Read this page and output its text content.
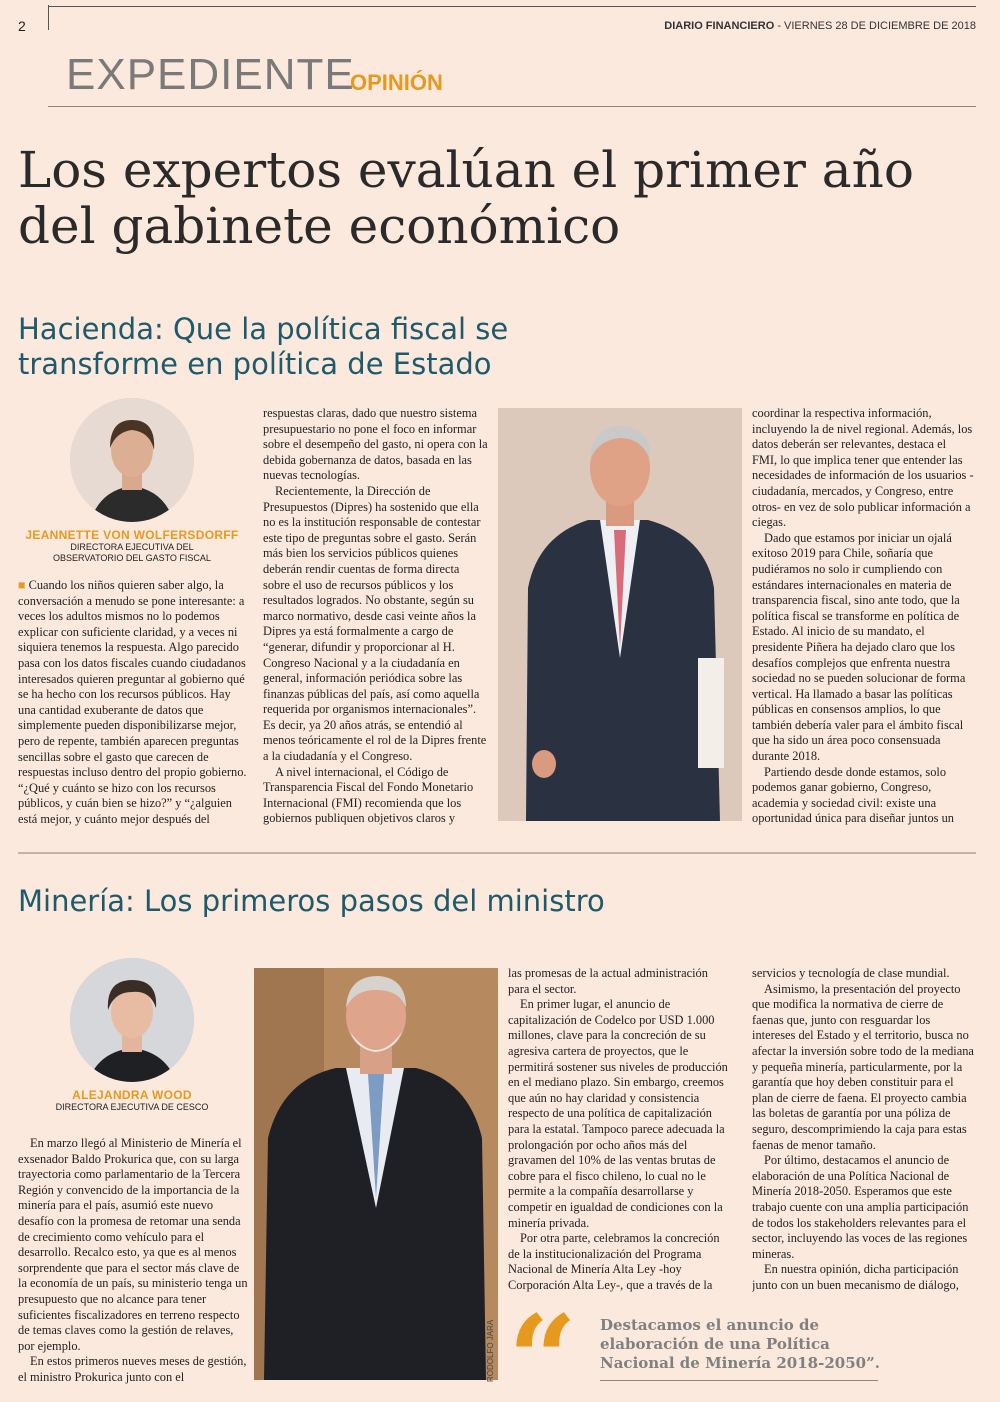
2	DIARIO FINANCIERO - VIERNES 28 DE DICIEMBRE DE 2018
EXPEDIENTE
OPINIÓN
Los expertos evalúan el primer año del gabinete económico
Hacienda: Que la política fiscal se transforme en política de Estado
JEANNETTE VON WOLFERSDORFF
DIRECTORA EJECUTIVA DEL
OBSERVATORIO DEL GASTO FISCAL

■ Cuando los niños quieren saber algo, la conversación a menudo se pone interesante: a veces los adultos mismos no lo podemos explicar con suficiente claridad, y a veces ni siquiera tenemos la respuesta. Algo parecido pasa con los datos fiscales cuando ciudadanos interesados quieren preguntar al gobierno qué se ha hecho con los recursos públicos. Hay una cantidad exuberante de datos que simplemente pueden disponibilizarse mejor, pero de repente, también aparecen preguntas sencillas sobre el gasto que carecen de respuestas incluso dentro del propio gobierno. “¿Qué y cuánto se hizo con los recursos públicos, y cuán bien se hizo?” y “¿alguien está mejor, y cuánto mejor después del

respuestas claras, dado que nuestro sistema presupuestario no pone el foco en informar sobre el desempeño del gasto, ni opera con la debida gobernanza de datos, basada en las nuevas tecnologías.

Recientemente, la Dirección de Presupuestos (Dipres) ha sostenido que ella no es la institución responsable de contestar este tipo de preguntas sobre el gasto. Serán más bien los servicios públicos quienes deberán rendir cuentas de forma directa sobre el uso de recursos públicos y los resultados logrados. No obstante, según su marco normativo, desde casi veinte años la Dipres ya está formalmente a cargo de “generar, difundir y proporcionar al H. Congreso Nacional y a la ciudadanía en general, información periódica sobre las finanzas públicas del país, así como aquella requerida por organismos internacionales”. Es decir, ya 20 años atrás, se entendió al menos teóricamente el rol de la Dipres frente a la ciudadanía y el Congreso.

A nivel internacional, el Código de Transparencia Fiscal del Fondo Monetario Internacional (FMI) recomienda que los gobiernos publiquen objetivos claros y

coordinar la respectiva información, incluyendo la de nivel regional. Además, los datos deberán ser relevantes, destaca el FMI, lo que implica tener que entender las necesidades de información de los usuarios -ciudadanía, mercados, y Congreso, entre otros- en vez de solo publicar información a ciegas.

Dado que estamos por iniciar un ojalá exitoso 2019 para Chile, soñaría que pudiéramos no solo ir cumpliendo con estándares internacionales en materia de transparencia fiscal, sino ante todo, que la política fiscal se transforme en política de Estado. Al inicio de su mandato, el presidente Piñera ha dejado claro que los desafíos complejos que enfrenta nuestra sociedad no se pueden solucionar de forma vertical. Ha llamado a basar las políticas públicas en consensos amplios, lo que también debería valer para el ámbito fiscal que ha sido un área poco consensuada durante 2018.

Partiendo desde donde estamos, solo podemos ganar gobierno, Congreso, academia y sociedad civil: existe una oportunidad única para diseñar juntos un

Minería: Los primeros pasos del ministro
ALEJANDRA WOOD
DIRECTORA EJECUTIVA DE CESCO

En marzo llegó al Ministerio de Minería el exsenador Baldo Prokurica que, con su larga trayectoria como parlamentario de la Tercera Región y convencido de la importancia de la minería para el país, asumió este nuevo desafío con la promesa de retomar una senda de crecimiento como vehículo para el desarrollo. Recalco esto, ya que es al menos sorprendente que para el sector más clave de la economía de un país, su ministerio tenga un presupuesto que no alcance para tener suficientes fiscalizadores en terreno respecto de temas claves como la gestión de relaves, por ejemplo.

En estos primeros nueves meses de gestión, el ministro Prokurica junto con el	RODOLFO JARA

las promesas de la actual administración para el sector.

En primer lugar, el anuncio de capitalización de Codelco por USD 1.000 millones, clave para la concreción de su agresiva cartera de proyectos, que le permitirá sostener sus niveles de producción en el mediano plazo. Sin embargo, creemos que aún no hay claridad y consistencia respecto de una política de capitalización para la estatal. Tampoco parece adecuada la prolongación por ocho años más del gravamen del 10% de las ventas brutas de cobre para el fisco chileno, lo cual no le permite a la compañía desarrollarse y competir en igualdad de condiciones con la minería privada.

Por otra parte, celebramos la concreción de la institucionalización del Programa Nacional de Minería Alta Ley -hoy Corporación Alta Ley-, que a través de la

servicios y tecnología de clase mundial.

Asimismo, la presentación del proyecto que modifica la normativa de cierre de faenas que, junto con resguardar los intereses del Estado y el territorio, busca no afectar la inversión sobre todo de la mediana y pequeña minería, particularmente, por la garantía que hoy deben constituir para el plan de cierre de faena. El proyecto cambia las boletas de garantía por una póliza de seguro, descomprimiendo la caja para estas faenas de menor tamaño.

Por último, destacamos el anuncio de elaboración de una Política Nacional de Minería 2018-2050. Esperamos que este trabajo cuente con una amplia participación de todos los stakeholders relevantes para el sector, incluyendo las voces de las regiones mineras.

En nuestra opinión, dicha participación junto con un buen mecanismo de diálogo,

“ Destacamos el anuncio de elaboración de una Política Nacional de Minería 2018-2050”.
